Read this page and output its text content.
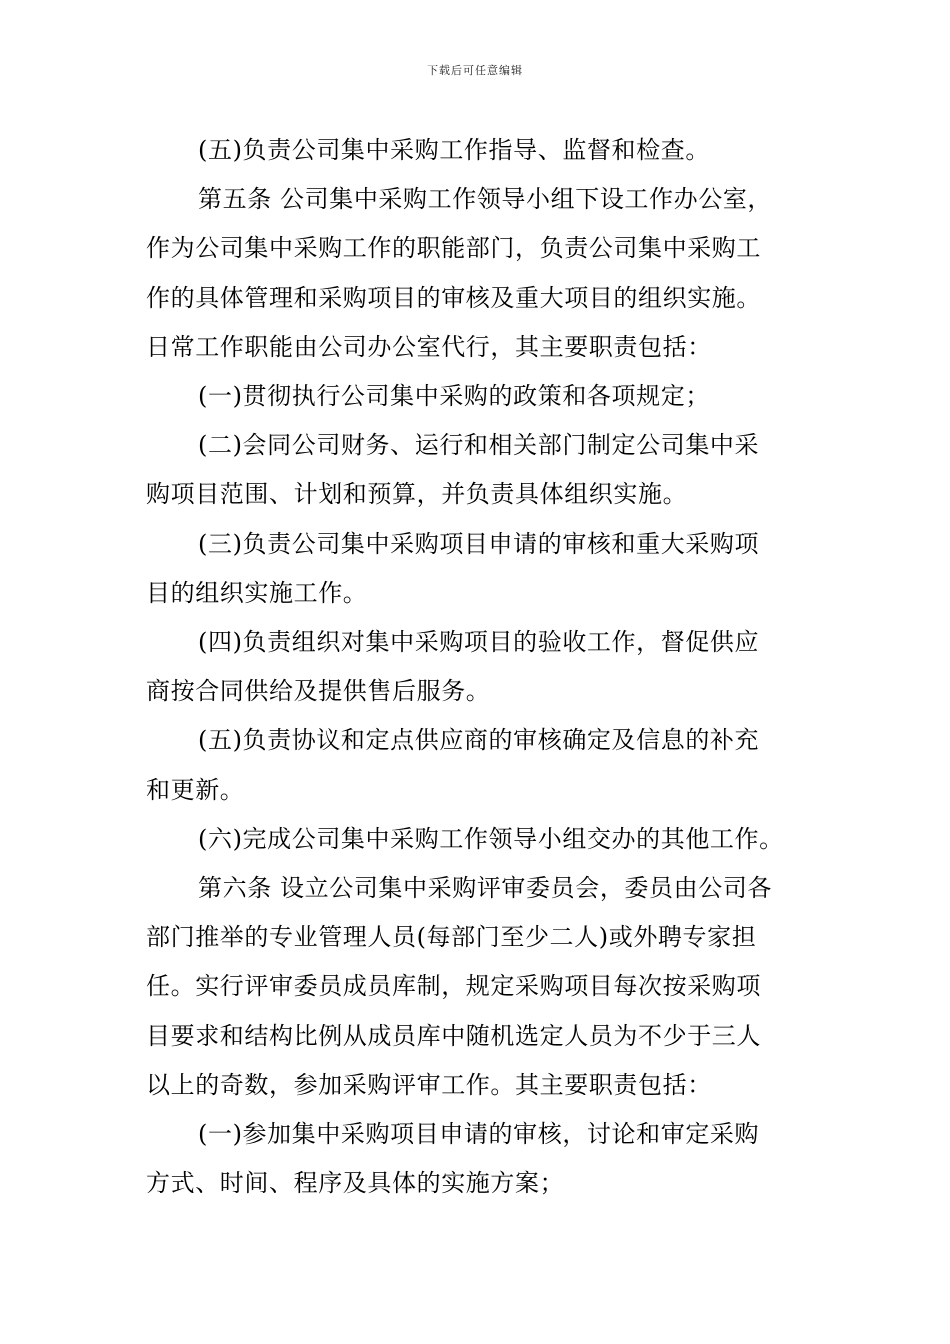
下载后可任意编辑
(五)负责公司集中采购工作指导、监督和检查。
第五条 公司集中采购工作领导小组下设工作办公室，
作为公司集中采购工作的职能部门，负责公司集中采购工
作的具体管理和采购项目的审核及重大项目的组织实施。
日常工作职能由公司办公室代行，其主要职责包括：
(一)贯彻执行公司集中采购的政策和各项规定；
(二)会同公司财务、运行和相关部门制定公司集中采
购项目范围、计划和预算，并负责具体组织实施。
(三)负责公司集中采购项目申请的审核和重大采购项
目的组织实施工作。
(四)负责组织对集中采购项目的验收工作，督促供应
商按合同供给及提供售后服务。
(五)负责协议和定点供应商的审核确定及信息的补充
和更新。
(六)完成公司集中采购工作领导小组交办的其他工作。
第六条 设立公司集中采购评审委员会，委员由公司各
部门推举的专业管理人员(每部门至少二人)或外聘专家担
任。实行评审委员成员库制，规定采购项目每次按采购项
目要求和结构比例从成员库中随机选定人员为不少于三人
以上的奇数，参加采购评审工作。其主要职责包括：
(一)参加集中采购项目申请的审核，讨论和审定采购
方式、时间、程序及具体的实施方案；
